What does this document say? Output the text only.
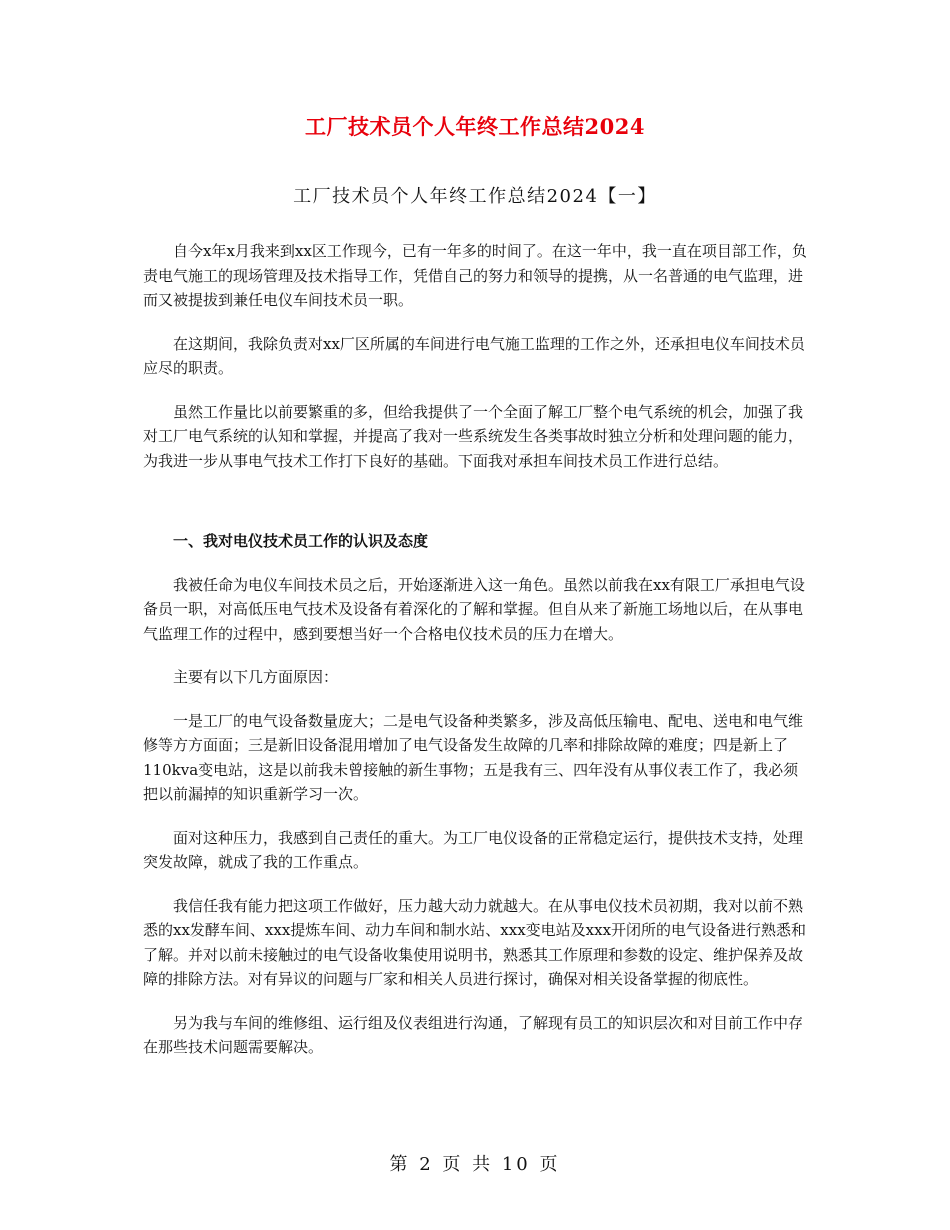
工厂技术员个人年终工作总结2024
工厂技术员个人年终工作总结2024【一】

自今x年x月我来到xx区工作现今，已有一年多的时间了。在这一年中，我一直在项目部工作，负责电气施工的现场管理及技术指导工作，凭借自己的努力和领导的提携，从一名普通的电气监理，进而又被提拔到兼任电仪车间技术员一职。

在这期间，我除负责对xx厂区所属的车间进行电气施工监理的工作之外，还承担电仪车间技术员应尽的职责。

虽然工作量比以前要繁重的多，但给我提供了一个全面了解工厂整个电气系统的机会，加强了我对工厂电气系统的认知和掌握，并提高了我对一些系统发生各类事故时独立分析和处理问题的能力，为我进一步从事电气技术工作打下良好的基础。下面我对承担车间技术员工作进行总结。

一、我对电仪技术员工作的认识及态度

我被任命为电仪车间技术员之后，开始逐渐进入这一角色。虽然以前我在xx有限工厂承担电气设备员一职，对高低压电气技术及设备有着深化的了解和掌握。但自从来了新施工场地以后，在从事电气监理工作的过程中，感到要想当好一个合格电仪技术员的压力在增大。

主要有以下几方面原因：

一是工厂的电气设备数量庞大；二是电气设备种类繁多，涉及高低压输电、配电、送电和电气维修等方方面面；三是新旧设备混用增加了电气设备发生故障的几率和排除故障的难度；四是新上了110kva变电站，这是以前我未曾接触的新生事物；五是我有三、四年没有从事仪表工作了，我必须把以前漏掉的知识重新学习一次。

面对这种压力，我感到自己责任的重大。为工厂电仪设备的正常稳定运行，提供技术支持，处理突发故障，就成了我的工作重点。

我信任我有能力把这项工作做好，压力越大动力就越大。在从事电仪技术员初期，我对以前不熟悉的xx发酵车间、xxx提炼车间、动力车间和制水站、xxx变电站及xxx开闭所的电气设备进行熟悉和了解。并对以前未接触过的电气设备收集使用说明书，熟悉其工作原理和参数的设定、维护保养及故障的排除方法。对有异议的问题与厂家和相关人员进行探讨，确保对相关设备掌握的彻底性。

另为我与车间的维修组、运行组及仪表组进行沟通，了解现有员工的知识层次和对目前工作中存在那些技术问题需要解决。

第 2 页 共 10 页
